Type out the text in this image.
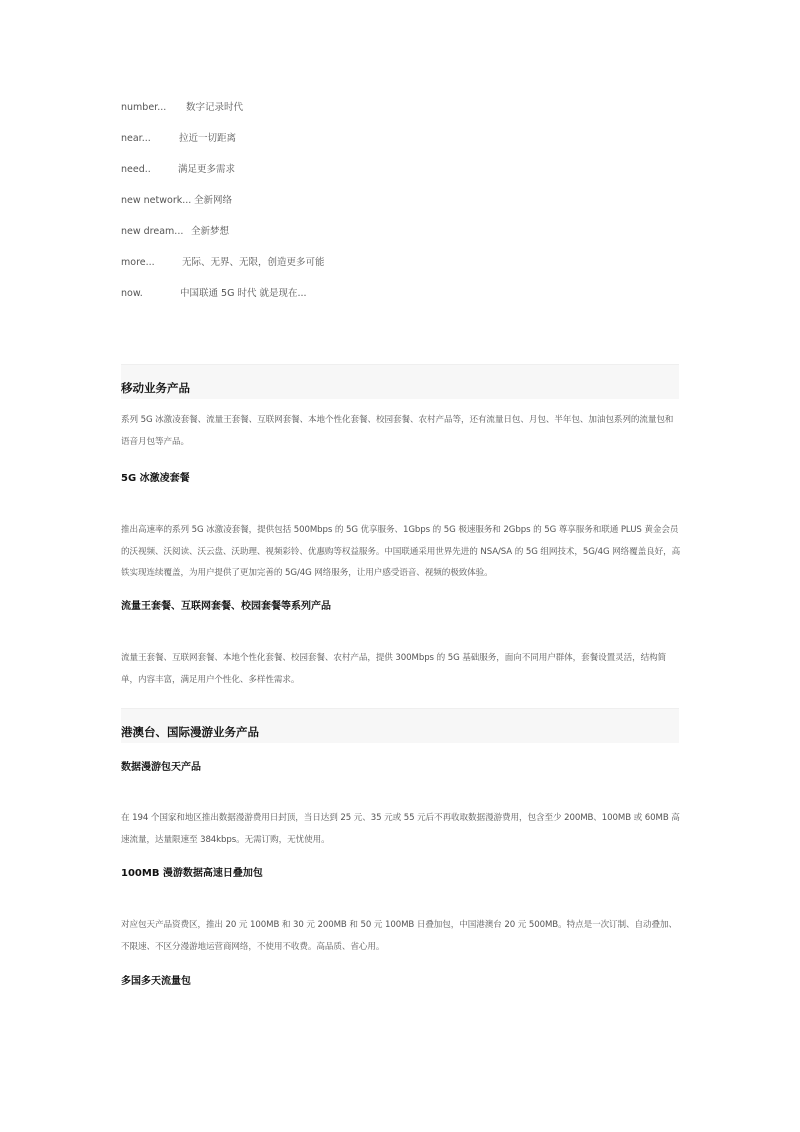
number... 数字记录时代
near...	拉近一切距离
need..	满足更多需求
new network... 全新网络
new dream... 全新梦想
more...	无际、无界、无限，创造更多可能
now.	中国联通 5G 时代 就是现在...
移动业务产品

系列 5G 冰激凌套餐、流量王套餐、互联网套餐、本地个性化套餐、校园套餐、农村产品等，还有流量日包、月包、半年包、加油包系列的流量包和语音月包等产品。

5G 冰激凌套餐

推出高速率的系列 5G 冰激凌套餐，提供包括 500Mbps 的 5G 优享服务、1Gbps 的 5G 极速服务和 2Gbps 的 5G 尊享服务和联通 PLUS 黄金会员的沃视频、沃阅读、沃云盘、沃助理、视频彩铃、优惠购等权益服务。中国联通采用世界先进的 NSA/SA 的 5G 组网技术，5G/4G 网络覆盖良好，高铁实现连续覆盖，为用户提供了更加完善的 5G/4G 网络服务，让用户感受语音、视频的极致体验。

流量王套餐、互联网套餐、校园套餐等系列产品

流量王套餐、互联网套餐、本地个性化套餐、校园套餐、农村产品，提供 300Mbps 的 5G 基础服务，面向不同用户群体，套餐设置灵活，结构简单，内容丰富，满足用户个性化、多样性需求。

港澳台、国际漫游业务产品
数据漫游包天产品

在 194 个国家和地区推出数据漫游费用日封顶，当日达到 25 元、35 元或 55 元后不再收取数据漫游费用，包含至少 200MB、100MB 或 60MB 高速流量，达量限速至 384kbps。无需订购，无忧使用。

100MB 漫游数据高速日叠加包

对应包天产品资费区，推出 20 元 100MB 和 30 元 200MB 和 50 元 100MB 日叠加包，中国港澳台 20 元 500MB。特点是一次订制、自动叠加、不限速、不区分漫游地运营商网络，不使用不收费。高品质、省心用。

多国多天流量包
